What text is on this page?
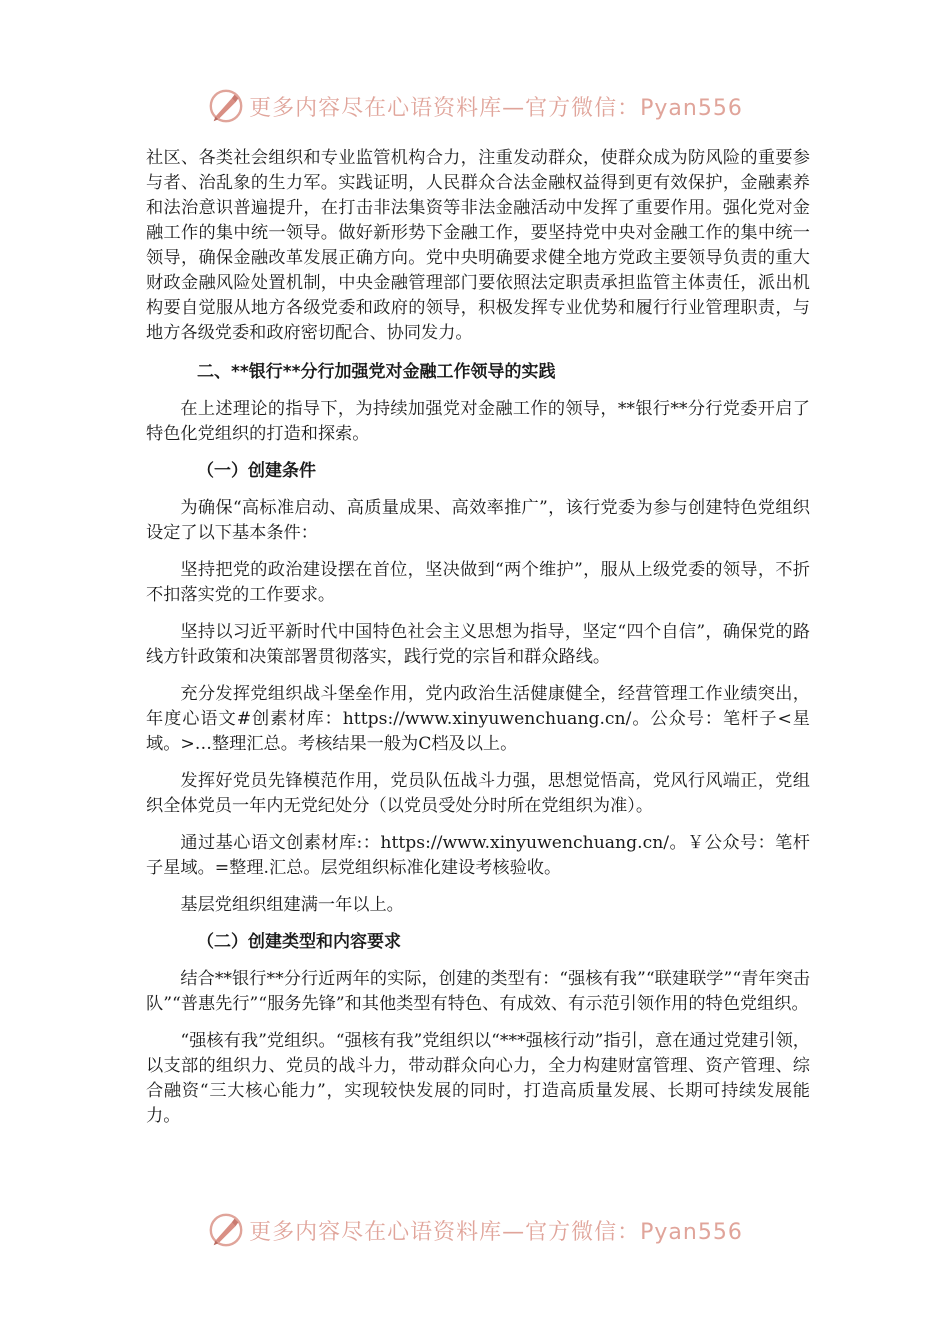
更多内容尽在心语资料库—官方微信：Pyan556

社区、各类社会组织和专业监管机构合力，注重发动群众，使群众成为防风险的重要参与者、治乱象的生力军。实践证明，人民群众合法金融权益得到更有效保护，金融素养和法治意识普遍提升，在打击非法集资等非法金融活动中发挥了重要作用。强化党对金融工作的集中统一领导。做好新形势下金融工作，要坚持党中央对金融工作的集中统一领导，确保金融改革发展正确方向。党中央明确要求健全地方党政主要领导负责的重大财政金融风险处置机制，中央金融管理部门要依照法定职责承担监管主体责任，派出机构要自觉服从地方各级党委和政府的领导，积极发挥专业优势和履行行业管理职责，与地方各级党委和政府密切配合、协同发力。

二、**银行**分行加强党对金融工作领导的实践

在上述理论的指导下，为持续加强党对金融工作的领导，**银行**分行党委开启了特色化党组织的打造和探索。

（一）创建条件

为确保“高标准启动、高质量成果、高效率推广”，该行党委为参与创建特色党组织设定了以下基本条件：

坚持把党的政治建设摆在首位，坚决做到“两个维护”，服从上级党委的领导，不折不扣落实党的工作要求。

坚持以习近平新时代中国特色社会主义思想为指导，坚定“四个自信”，确保党的路线方针政策和决策部署贯彻落实，践行党的宗旨和群众路线。

充分发挥党组织战斗堡垒作用，党内政治生活健康健全，经营管理工作业绩突出，年度心语文#创素材库：https://www.xinyuwenchuang.cn/。公众号：笔杆子<星域。>…整理汇总。考核结果一般为C档及以上。

发挥好党员先锋模范作用，党员队伍战斗力强，思想觉悟高，党风行风端正，党组织全体党员一年内无党纪处分（以党员受处分时所在党组织为准）。

通过基心语文创素材库:：https://www.xinyuwenchuang.cn/。￥公众号：笔杆子星域。=整理.汇总。层党组织标准化建设考核验收。

基层党组织组建满一年以上。

（二）创建类型和内容要求

结合**银行**分行近两年的实际，创建的类型有：“强核有我”“联建联学”“青年突击队”“普惠先行”“服务先锋”和其他类型有特色、有成效、有示范引领作用的特色党组织。

“强核有我”党组织。“强核有我”党组织以“***强核行动”指引，意在通过党建引领，以支部的组织力、党员的战斗力，带动群众向心力，全力构建财富管理、资产管理、综合融资“三大核心能力”，实现较快发展的同时，打造高质量发展、长期可持续发展能力。

更多内容尽在心语资料库—官方微信：Pyan556
